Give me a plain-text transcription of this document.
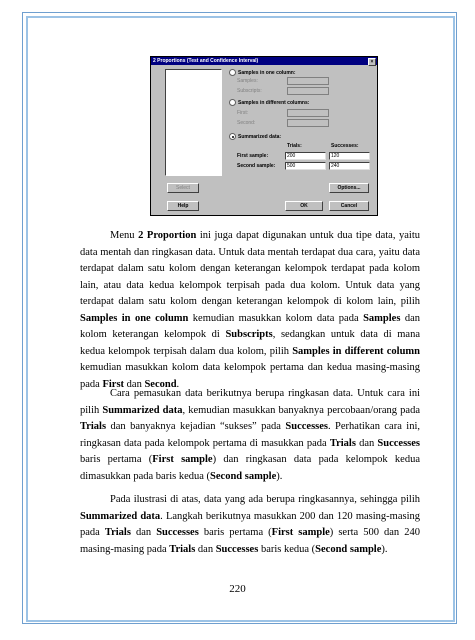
2 Proportions (Test and Confidence Interval)	×
Samples in one column:
Samples:
Subscripts:
Samples in different columns:
First:
Second:
Summarized data:
Trials:	Successes:
First sample:	200	120
Second sample:	500	240
Select	Options...
Help	OK	Cancel

Menu 2 Proportion ini juga dapat digunakan untuk dua tipe data, yaitu data mentah dan ringkasan data. Untuk data mentah terdapat dua cara, yaitu data terdapat dalam satu kolom dengan keterangan kelompok terdapat pada kolom lain, atau data kedua kelompok terpisah pada dua kolom. Untuk data yang terdapat dalam satu kolom dengan keterangan kelompok di kolom lain, pilih Samples in one column kemudian masukkan kolom data pada Samples dan kolom keterangan kelompok di Subscripts, sedangkan untuk data di mana kedua kelompok terpisah dalam dua kolom, pilih Samples in different column kemudian masukkan kolom data kelompok pertama dan kedua masing-masing pada First dan Second.

Cara pemasukan data berikutnya berupa ringkasan data. Untuk cara ini pilih Summarized data, kemudian masukkan banyaknya percobaan/orang pada Trials dan banyaknya kejadian “sukses” pada Successes. Perhatikan cara ini, ringkasan data pada kelompok pertama di masukkan pada Trials dan Successes baris pertama (First sample) dan ringkasan data pada kelompok kedua dimasukkan pada baris kedua (Second sample).

Pada ilustrasi di atas, data yang ada berupa ringkasannya, sehingga pilih Summarized data. Langkah berikutnya masukkan 200 dan 120 masing-masing pada Trials dan Successes baris pertama (First sample) serta 500 dan 240 masing-masing pada Trials dan Successes baris kedua (Second sample).

220
